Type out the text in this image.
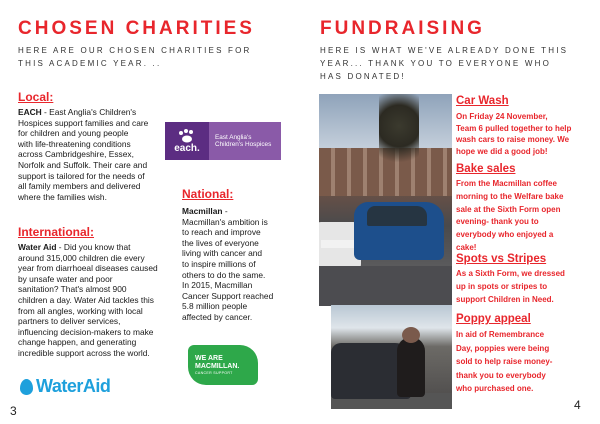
CHOSEN CHARITIES
HERE ARE OUR CHOSEN CHARITIES FOR
THIS ACADEMIC YEAR. ..
Local:
EACH - East Anglia's Children's
Hospices support families and care
for children and young people
with life-threatening conditions
across Cambridgeshire, Essex,
Norfolk and Suffolk. Their care and
support is tailored for the needs of
all family members and delivered
where the families wish.
each.
East Anglia's
Children's Hospices
National:
Macmillan -
Macmillan's ambition is
to reach and improve
the lives of everyone
living with cancer and
to inspire millions of
others to do the same.
In 2015, Macmillan
Cancer Support reached
5.8 million people
affected by cancer.
WE ARE
MACMILLAN.
CANCER SUPPORT
International:
Water Aid - Did you know that
around 315,000 children die every
year from diarrhoeal diseases caused
by unsafe water and poor
sanitation? That's almost 900
children a day. Water Aid tackles this
from all angles, working with local
partners to deliver services,
influencing decision-makers to make
change happen, and generating
incredible support across the world.
WaterAid
3
FUNDRAISING
HERE IS WHAT WE'VE ALREADY DONE THIS
YEAR... THANK YOU TO EVERYONE WHO
HAS DONATED!
Car Wash
On Friday 24 November,
Team 6 pulled together to help
wash cars to raise money. We
hope we did a good job!
Bake sales
From the Macmillan coffee
morning to the Welfare bake
sale at the Sixth Form open
evening- thank you to
everybody who enjoyed a
cake!
Spots vs Stripes
As a Sixth Form, we dressed
up in spots or stripes to
support Children in Need.
Poppy appeal
In aid of Remembrance
Day, poppies were being
sold to help raise money-
thank you to everybody
who purchased one.
4
